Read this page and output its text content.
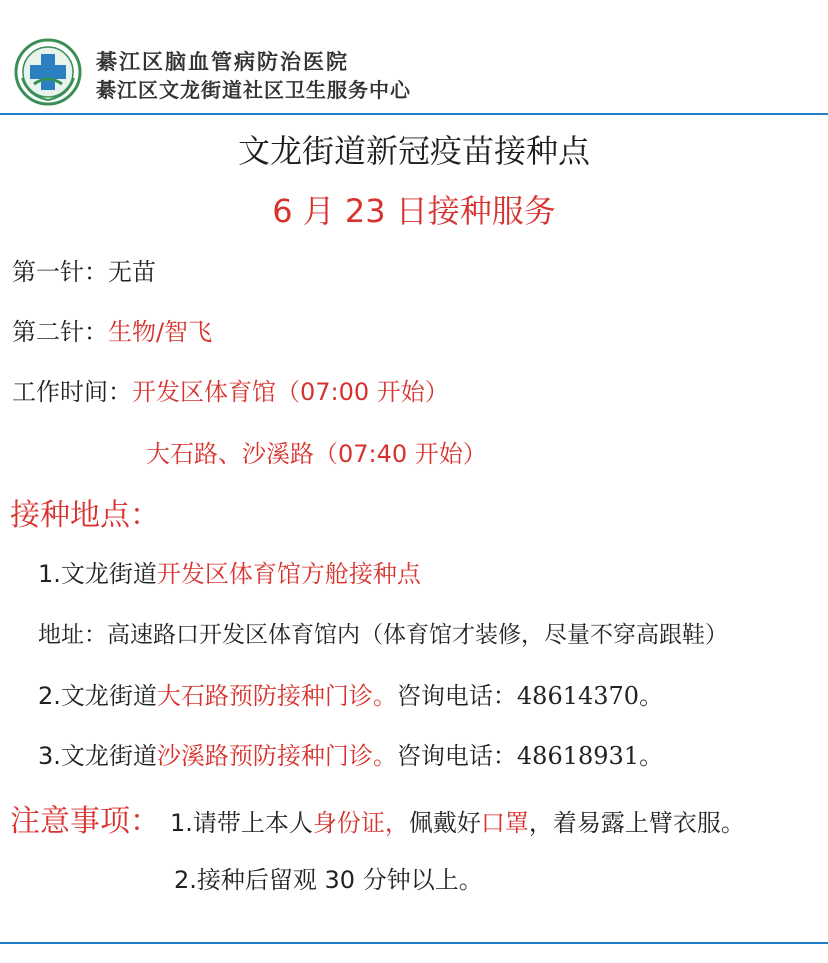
綦江区脑血管病防治医院
綦江区文龙街道社区卫生服务中心
文龙街道新冠疫苗接种点
6 月 23 日接种服务
第一针：无苗
第二针：生物/智飞
工作时间：开发区体育馆（07:00 开始）
大石路、沙溪路（07:40 开始）
接种地点：
1.文龙街道开发区体育馆方舱接种点
地址：高速路口开发区体育馆内（体育馆才装修，尽量不穿高跟鞋）
2.文龙街道大石路预防接种门诊。咨询电话：48614370。
3.文龙街道沙溪路预防接种门诊。咨询电话：48618931。
注意事项： 1.请带上本人身份证，佩戴好口罩，着易露上臂衣服。
2.接种后留观 30 分钟以上。
